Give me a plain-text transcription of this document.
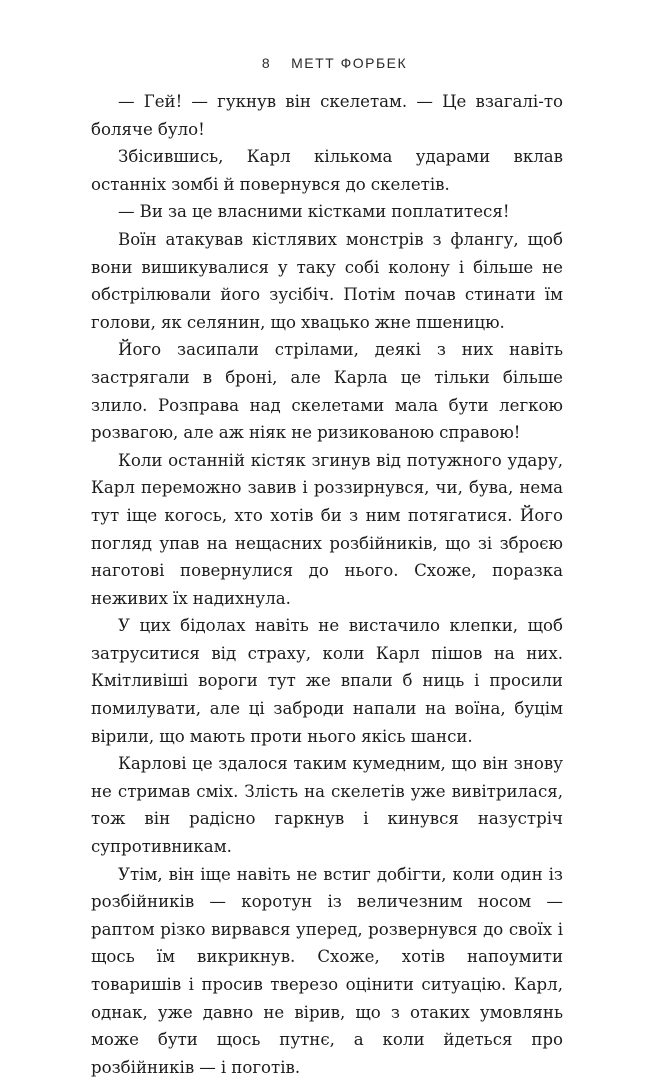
8 МЕТТ ФОРБЕК

— Гей! — гукнув він скелетам. — Це взагалі-то боляче було!

Збісившись, Карл кількома ударами вклав останніх зомбі й повернувся до скелетів.

— Ви за це власними кістками поплатитеся!

Воїн атакував кістлявих монстрів з флангу, щоб вони вишикувалися у таку собі колону і більше не обстрілювали його зусібіч. Потім почав стинати їм голови, як селянин, що хвацько жне пшеницю.

Його засипали стрілами, деякі з них навіть застрягали в броні, але Карла це тільки більше злило. Розправа над скелетами мала бути легкою розвагою, але аж ніяк не ризикованою справою!

Коли останній кістяк згинув від потужного удару, Карл переможно завив і роззирнувся, чи, бува, нема тут іще когось, хто хотів би з ним потягатися. Його погляд упав на нещасних розбійників, що зі зброєю наготові повернулися до нього. Схоже, поразка неживих їх надихнула.

У цих бідолах навіть не вистачило клепки, щоб затруситися від страху, коли Карл пішов на них. Кмітливіші вороги тут же впали б ниць і просили помилувати, але ці заброди напали на воїна, буцім вірили, що мають проти нього якісь шанси.

Карлові це здалося таким кумедним, що він знову не стримав сміх. Злість на скелетів уже вивітрилася, тож він радісно гаркнув і кинувся назустріч супротивникам.

Утім, він іще навіть не встиг добігти, коли один із розбійників — коротун із величезним носом — раптом різко вирвався уперед, розвернувся до своїх і щось їм викрикнув. Схоже, хотів напоумити товаришів і просив тверезо оцінити ситуацію. Карл, однак, уже давно не вірив, що з отаких умовлянь може бути щось путнє, а коли йдеться про розбійників — і поготів.
